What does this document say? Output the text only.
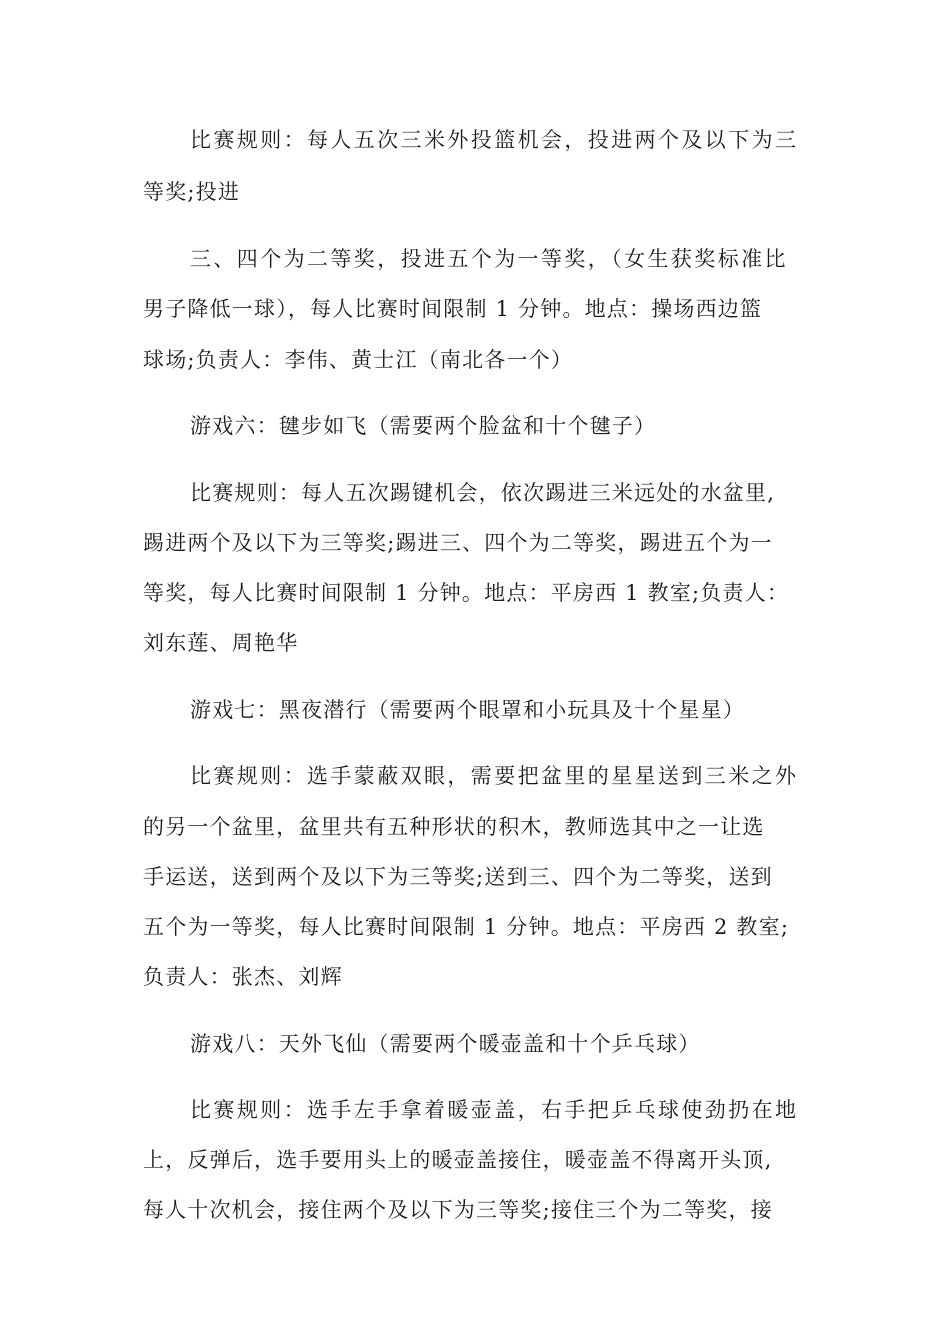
比赛规则：每人五次三米外投篮机会，投进两个及以下为三
等奖;投进
三、四个为二等奖，投进五个为一等奖，（女生获奖标准比
男子降低一球），每人比赛时间限制 1 分钟。地点：操场西边篮
球场;负责人：李伟、黄士江（南北各一个）
游戏六：毽步如飞（需要两个脸盆和十个毽子）
比赛规则：每人五次踢键机会，依次踢进三米远处的水盆里,
踢进两个及以下为三等奖;踢进三、四个为二等奖，踢进五个为一
等奖，每人比赛时间限制 1 分钟。地点：平房西 1 教室;负责人：
刘东莲、周艳华
游戏七：黑夜潜行（需要两个眼罩和小玩具及十个星星）
比赛规则：选手蒙蔽双眼，需要把盆里的星星送到三米之外
的另一个盆里，盆里共有五种形状的积木，教师选其中之一让选
手运送，送到两个及以下为三等奖;送到三、四个为二等奖，送到
五个为一等奖，每人比赛时间限制 1 分钟。地点：平房西 2 教室;
负责人：张杰、刘辉
游戏八：天外飞仙（需要两个暖壶盖和十个乒乓球）
比赛规则：选手左手拿着暖壶盖，右手把乒乓球使劲扔在地
上，反弹后，选手要用头上的暖壶盖接住，暖壶盖不得离开头顶,
每人十次机会，接住两个及以下为三等奖;接住三个为二等奖，接
